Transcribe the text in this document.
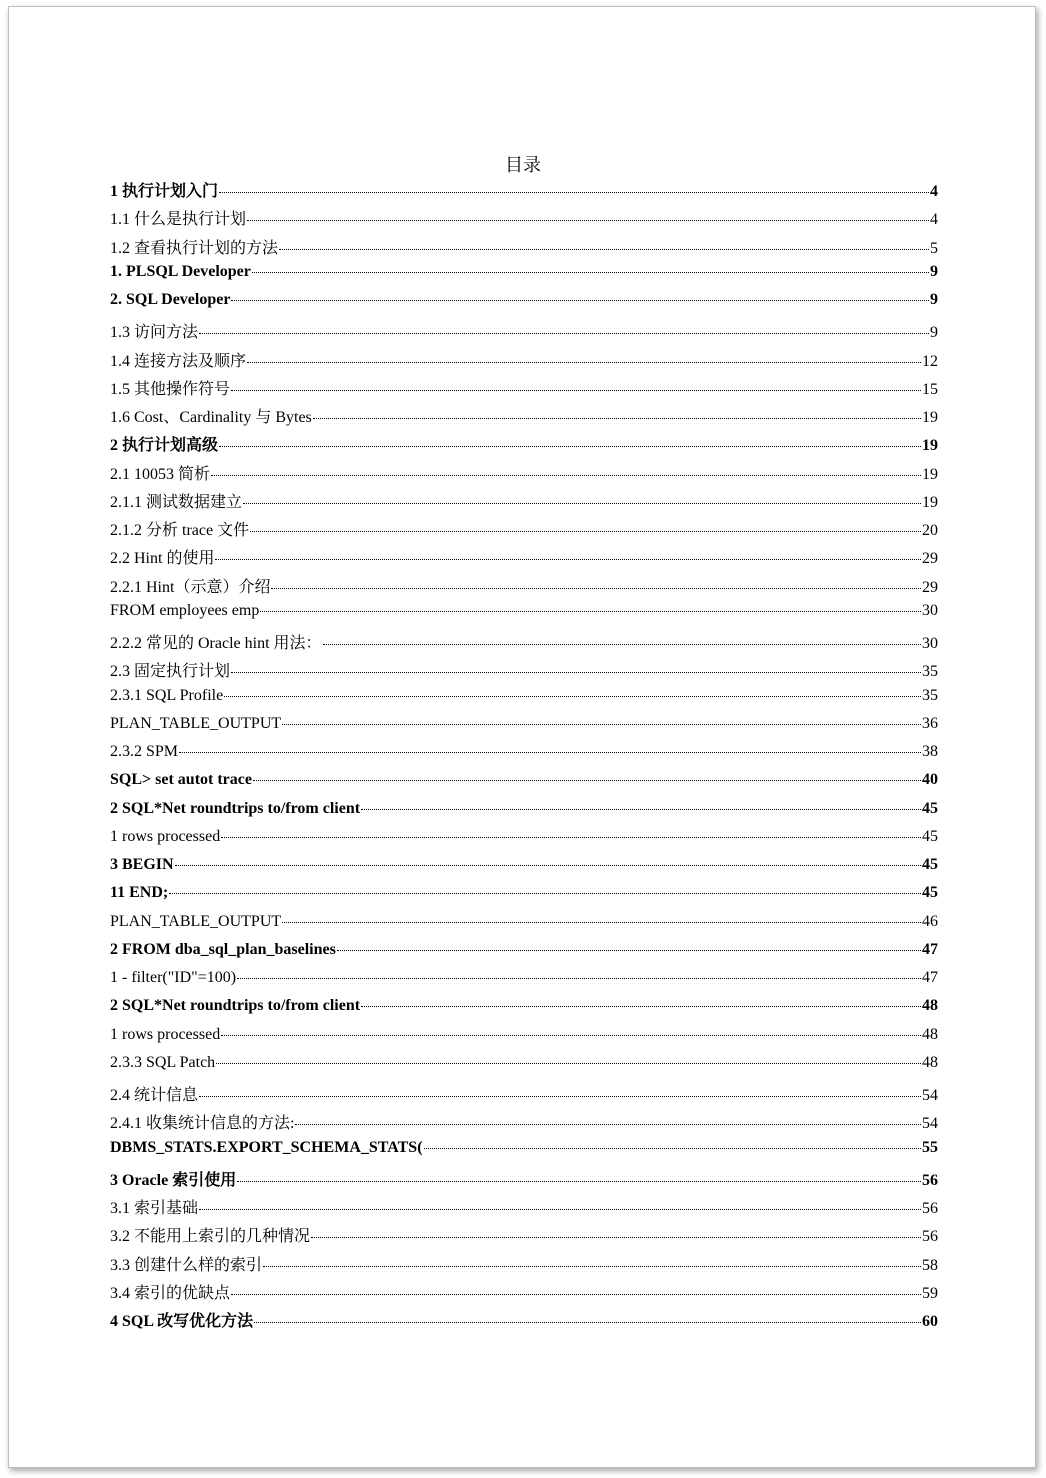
目录
1 执行计划入门	4
1.1 什么是执行计划	4
1.2 查看执行计划的方法	5
1. PLSQL Developer	9
2. SQL Developer	9
1.3 访问方法	9
1.4 连接方法及顺序	12
1.5 其他操作符号	15
1.6 Cost、Cardinality 与 Bytes	19
2 执行计划高级	19
2.1 10053 简析	19
2.1.1 测试数据建立	19
2.1.2 分析 trace 文件	20
2.2 Hint 的使用	29
2.2.1 Hint（示意）介绍	29
FROM employees emp	30
2.2.2 常见的 Oracle hint 用法：	30
2.3 固定执行计划	35
2.3.1 SQL Profile	35
PLAN_TABLE_OUTPUT	36
2.3.2 SPM	38
SQL> set autot trace	40
2 SQL*Net roundtrips to/from client	45
1 rows processed	45
3 BEGIN	45
11 END;	45
PLAN_TABLE_OUTPUT	46
2 FROM dba_sql_plan_baselines	47
1 - filter("ID"=100)	47
2 SQL*Net roundtrips to/from client	48
1 rows processed	48
2.3.3 SQL Patch	48
2.4 统计信息	54
2.4.1 收集统计信息的方法:	54
DBMS_STATS.EXPORT_SCHEMA_STATS(	55
3 Oracle 索引使用	56
3.1 索引基础	56
3.2 不能用上索引的几种情况	56
3.3 创建什么样的索引	58
3.4 索引的优缺点	59
4 SQL 改写优化方法	60
